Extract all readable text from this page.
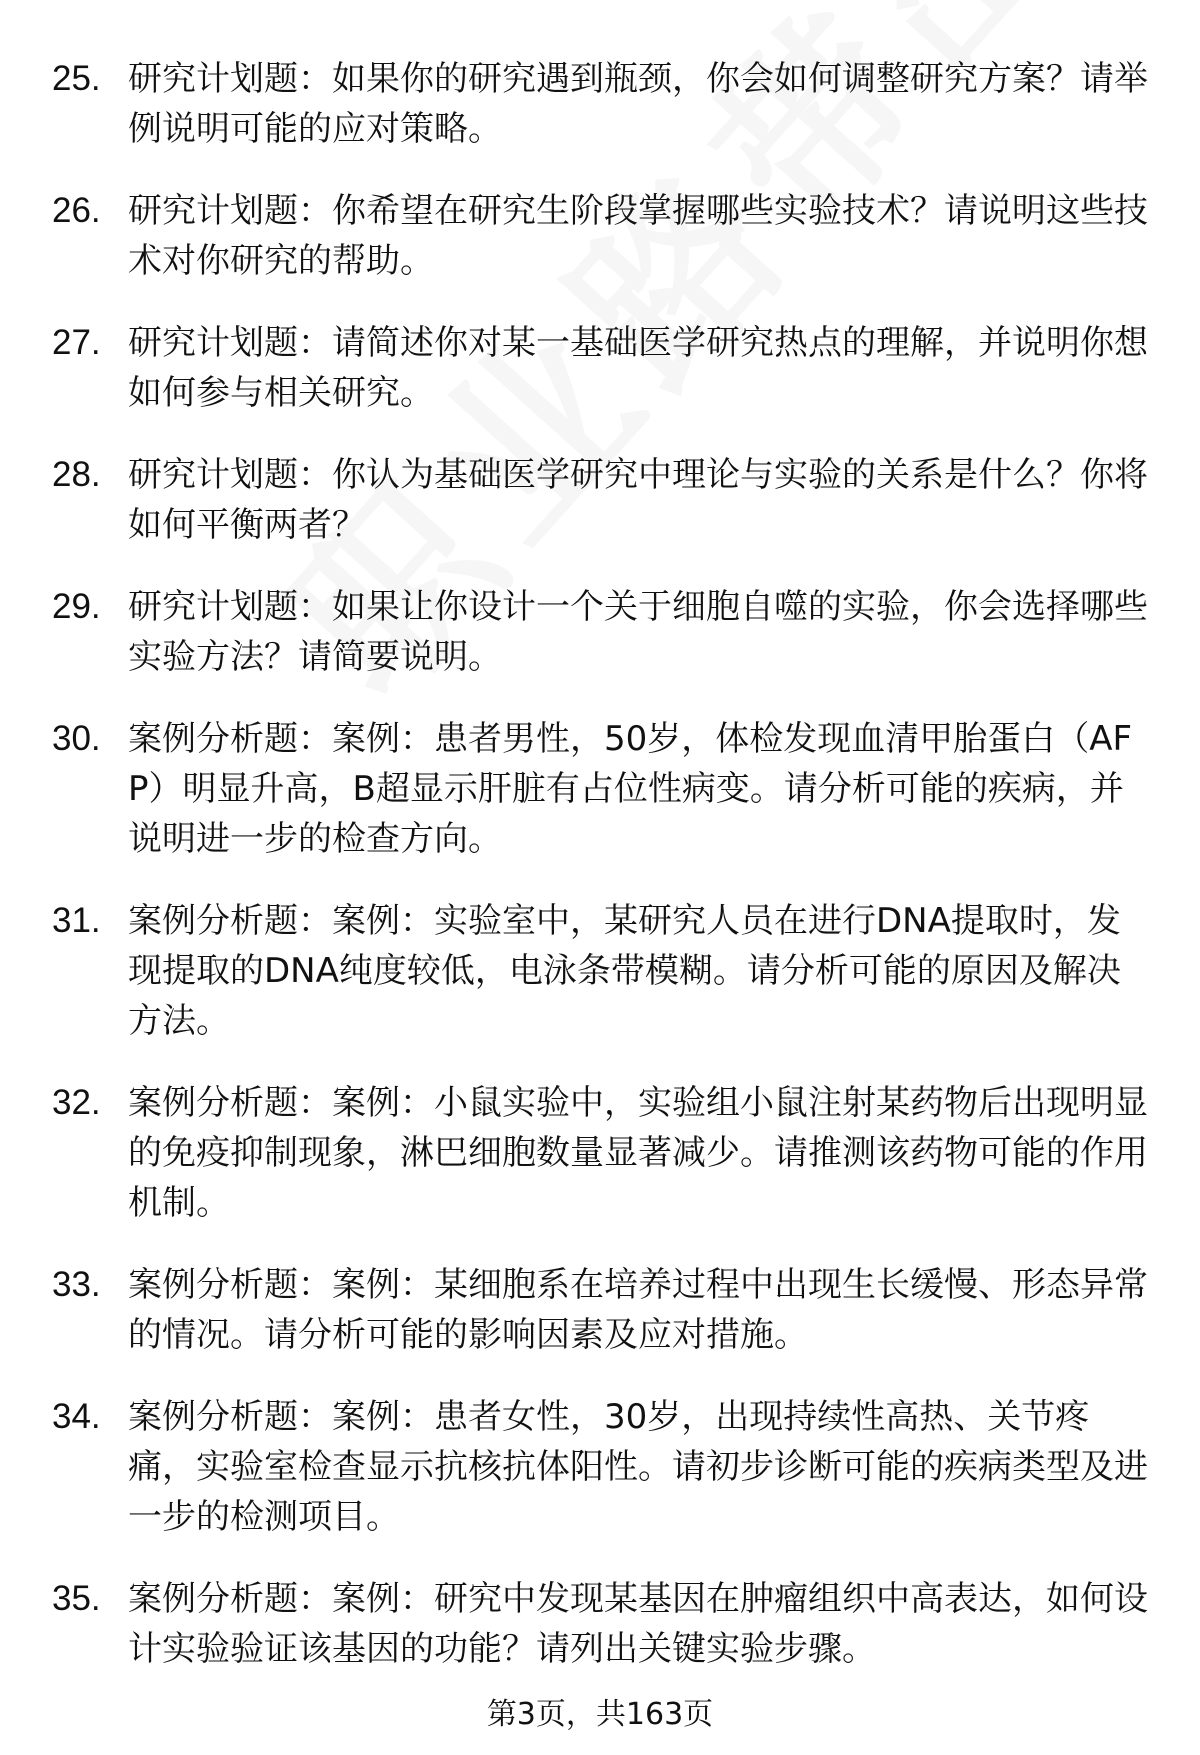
25. 研究计划题：如果你的研究遇到瓶颈，你会如何调整研究方案？请举例说明可能的应对策略。
26. 研究计划题：你希望在研究生阶段掌握哪些实验技术？请说明这些技术对你研究的帮助。
27. 研究计划题：请简述你对某一基础医学研究热点的理解，并说明你想如何参与相关研究。
28. 研究计划题：你认为基础医学研究中理论与实验的关系是什么？你将如何平衡两者？
29. 研究计划题：如果让你设计一个关于细胞自噬的实验，你会选择哪些实验方法？请简要说明。
30. 案例分析题：案例：患者男性，50岁，体检发现血清甲胎蛋白（AFP）明显升高，B超显示肝脏有占位性病变。请分析可能的疾病，并说明进一步的检查方向。
31. 案例分析题：案例：实验室中，某研究人员在进行DNA提取时，发现提取的DNA纯度较低，电泳条带模糊。请分析可能的原因及解决方法。
32. 案例分析题：案例：小鼠实验中，实验组小鼠注射某药物后出现明显的免疫抑制现象，淋巴细胞数量显著减少。请推测该药物可能的作用机制。
33. 案例分析题：案例：某细胞系在培养过程中出现生长缓慢、形态异常的情况。请分析可能的影响因素及应对措施。
34. 案例分析题：案例：患者女性，30岁，出现持续性高热、关节疼痛，实验室检查显示抗核抗体阳性。请初步诊断可能的疾病类型及进一步的检测项目。
35. 案例分析题：案例：研究中发现某基因在肿瘤组织中高表达，如何设计实验验证该基因的功能？请列出关键实验步骤。
第3页，共163页
